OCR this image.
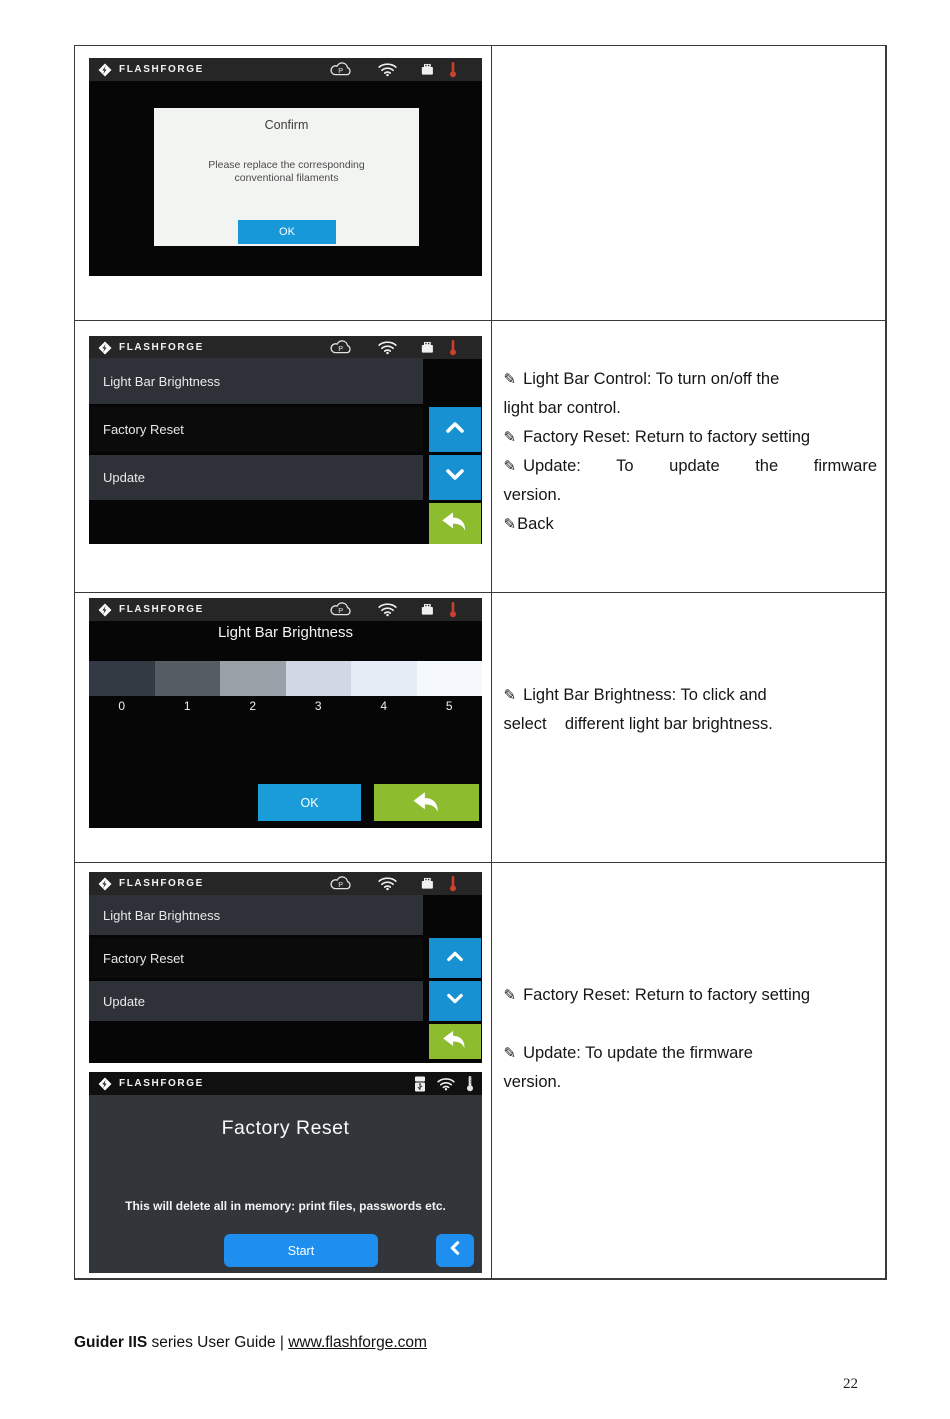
FLASHFORGE	P
Confirm
Please replace the corresponding
conventional filaments
OK
FLASHFORGE	P
Light Bar Brightness
Factory Reset
Update
✎ Light Bar Control: To turn on/off the
light bar control.
✎ Factory Reset: Return to factory setting
✎ Update: To update the firmware
version.
✎Back
FLASHFORGE	P
Light Bar Brightness
0	1	2	3	4	5
OK
✎ Light Bar Brightness: To click and
select    different light bar brightness.
FLASHFORGE	P
Light Bar Brightness
Factory Reset
Update
FLASHFORGE
Factory Reset
This will delete all in memory: print files, passwords etc.
Start
✎ Factory Reset: Return to factory setting
✎ Update: To update the firmware
version.
Guider IIS series User Guide | www.flashforge.com
22
